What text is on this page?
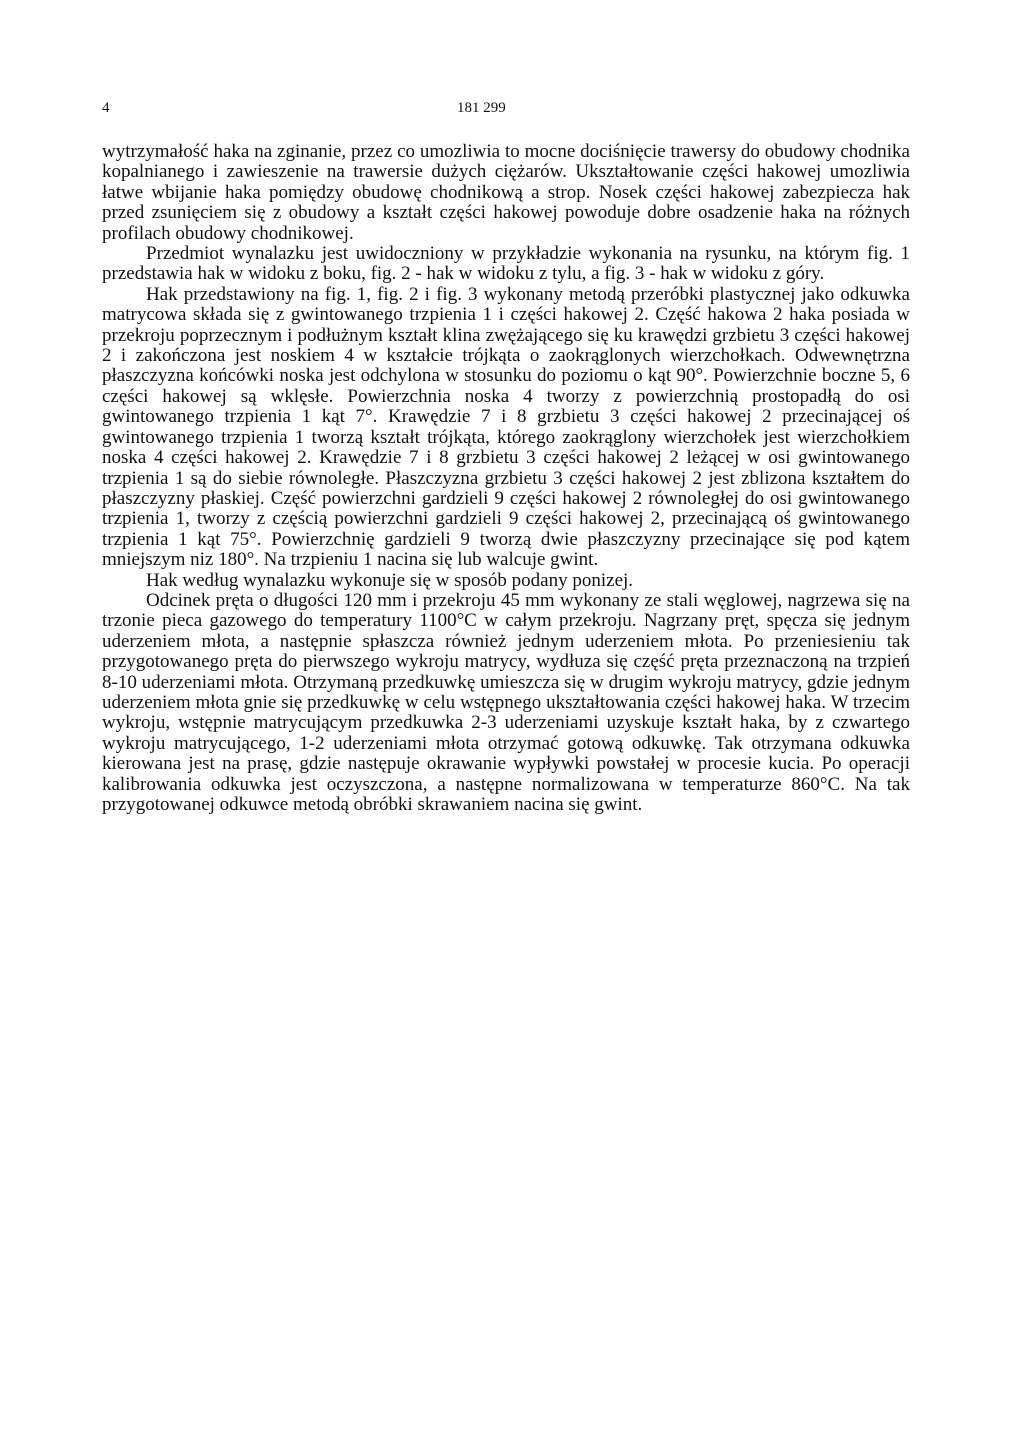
4	181 299

wytrzymałość haka na zginanie, przez co umozliwia to mocne dociśnięcie trawersy do obudowy chodnika kopalnianego i zawieszenie na trawersie dużych ciężarów. Ukształtowanie części hakowej umozliwia łatwe wbijanie haka pomiędzy obudowę chodnikową a strop. Nosek części hakowej zabezpiecza hak przed zsunięciem się z obudowy a kształt części hakowej powoduje dobre osadzenie haka na różnych profilach obudowy chodnikowej.

Przedmiot wynalazku jest uwidoczniony w przykładzie wykonania na rysunku, na którym fig. 1 przedstawia hak w widoku z boku, fig. 2 - hak w widoku z tylu, a fig. 3 - hak w widoku z góry.

Hak przedstawiony na fig. 1, fig. 2 i fig. 3 wykonany metodą przeróbki plastycznej jako odkuwka matrycowa składa się z gwintowanego trzpienia 1 i części hakowej 2. Część hakowa 2 haka posiada w przekroju poprzecznym i podłużnym kształt klina zwężającego się ku krawędzi grzbietu 3 części hakowej 2 i zakończona jest noskiem 4 w kształcie trójkąta o zaokrąglonych wierzchołkach. Odwewnętrzna płaszczyzna końcówki noska jest odchylona w stosunku do poziomu o kąt 90°. Powierzchnie boczne 5, 6 części hakowej są wklęsłe. Powierzchnia noska 4 tworzy z powierzchnią prostopadłą do osi gwintowanego trzpienia 1 kąt 7°. Krawędzie 7 i 8 grzbietu 3 części hakowej 2 przecinającej oś gwintowanego trzpienia 1 tworzą kształt trójkąta, którego zaokrąglony wierzchołek jest wierzchołkiem noska 4 części hakowej 2. Krawędzie 7 i 8 grzbietu 3 części hakowej 2 leżącej w osi gwintowanego trzpienia 1 są do siebie równoległe. Płaszczyzna grzbietu 3 części hakowej 2 jest zblizona kształtem do płaszczyzny płaskiej. Część powierzchni gardzieli 9 części hakowej 2 równoległej do osi gwintowanego trzpienia 1, tworzy z częścią powierzchni gardzieli 9 części hakowej 2, przecinającą oś gwintowanego trzpienia 1 kąt 75°. Powierzchnię gardzieli 9 tworzą dwie płaszczyzny przecinające się pod kątem mniejszym niz 180°. Na trzpieniu 1 nacina się lub walcuje gwint.

Hak według wynalazku wykonuje się w sposób podany ponizej.

Odcinek pręta o długości 120 mm i przekroju 45 mm wykonany ze stali węglowej, nagrzewa się na trzonie pieca gazowego do temperatury 1100°C w całym przekroju. Nagrzany pręt, spęcza się jednym uderzeniem młota, a następnie spłaszcza również jednym uderzeniem młota. Po przeniesieniu tak przygotowanego pręta do pierwszego wykroju matrycy, wydłuza się część pręta przeznaczoną na trzpień 8-10 uderzeniami młota. Otrzymaną przedkuwkę umieszcza się w drugim wykroju matrycy, gdzie jednym uderzeniem młota gnie się przedkuwkę w celu wstępnego ukształtowania części hakowej haka. W trzecim wykroju, wstępnie matrycującym przedkuwka 2-3 uderzeniami uzyskuje kształt haka, by z czwartego wykroju matrycującego, 1-2 uderzeniami młota otrzymać gotową odkuwkę. Tak otrzymana odkuwka kierowana jest na prasę, gdzie następuje okrawanie wypływki powstałej w procesie kucia. Po operacji kalibrowania odkuwka jest oczyszczona, a następne normalizowana w temperaturze 860°C. Na tak przygotowanej odkuwce metodą obróbki skrawaniem nacina się gwint.
